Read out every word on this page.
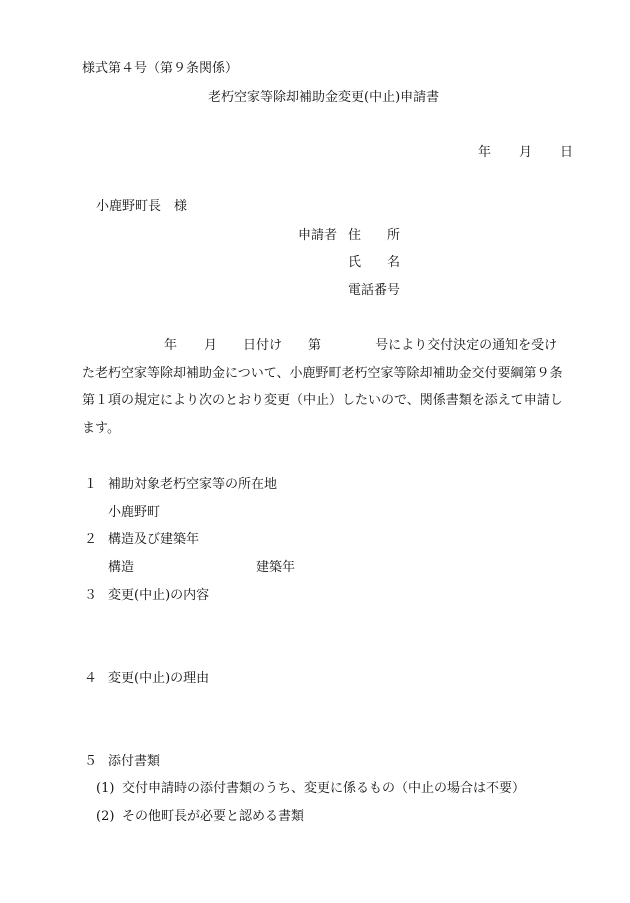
様式第４号（第９条関係）
老朽空家等除却補助金変更(中止)申請書
年 月 日
小鹿野町長　様
申請者 住　　所
氏　　名
電話番号
年 月 日付け 第	号により交付決定の通知を受け
た老朽空家等除却補助金について、小鹿野町老朽空家等除却補助金交付要綱第９条
第１項の規定により次のとおり変更（中止）したいので、関係書類を添えて申請し
ます。
１ 補助対象老朽空家等の所在地
小鹿野町
２ 構造及び建築年
構造	建築年
３ 変更(中止)の内容
４ 変更(中止)の理由
５ 添付書類
(1) 交付申請時の添付書類のうち、変更に係るもの（中止の場合は不要）
(2) その他町長が必要と認める書類
